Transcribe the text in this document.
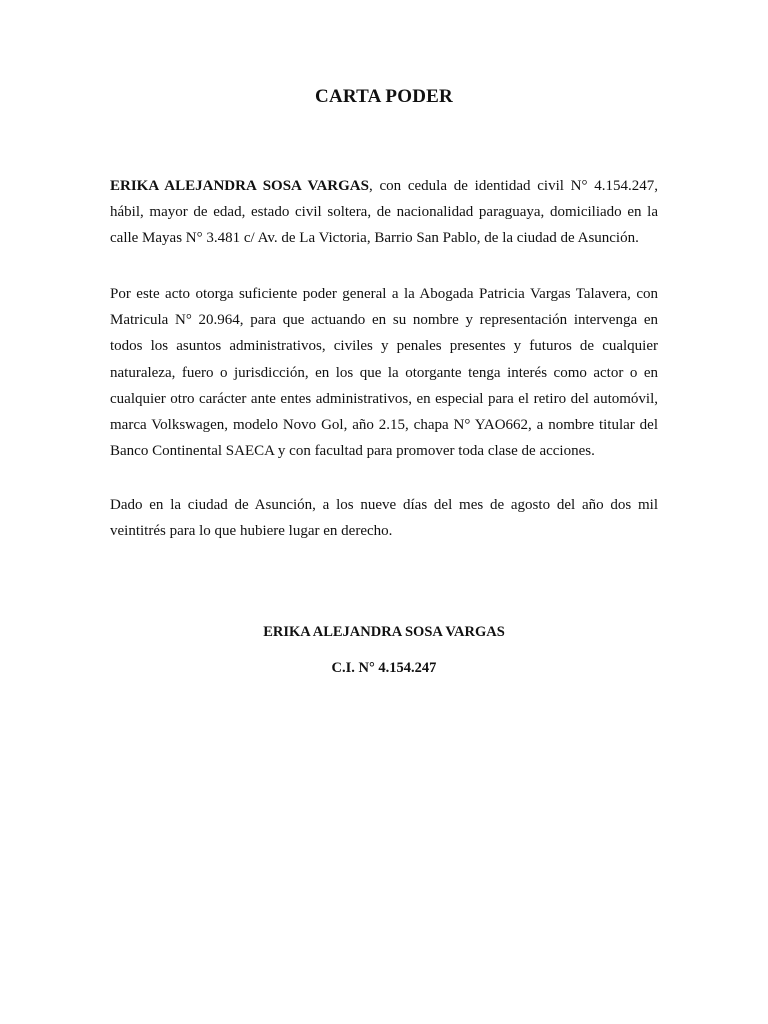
CARTA PODER

ERIKA ALEJANDRA SOSA VARGAS, con cedula de identidad civil N° 4.154.247, hábil, mayor de edad, estado civil soltera, de nacionalidad paraguaya, domiciliado en la calle Mayas N° 3.481 c/ Av. de La Victoria, Barrio San Pablo, de la ciudad de Asunción.

Por este acto otorga suficiente poder general a la Abogada Patricia Vargas Talavera, con Matricula N° 20.964, para que actuando en su nombre y representación intervenga en todos los asuntos administrativos, civiles y penales presentes y futuros de cualquier naturaleza, fuero o jurisdicción, en los que la otorgante tenga interés como actor o en cualquier otro carácter ante entes administrativos, en especial para el retiro del automóvil, marca Volkswagen, modelo Novo Gol, año 2.15, chapa N° YAO662, a nombre titular del Banco Continental SAECA y con facultad para promover toda clase de acciones.

Dado en la ciudad de Asunción, a los nueve días del mes de agosto del año dos mil veintitrés para lo que hubiere lugar en derecho.

ERIKA ALEJANDRA SOSA VARGAS
C.I. N° 4.154.247
